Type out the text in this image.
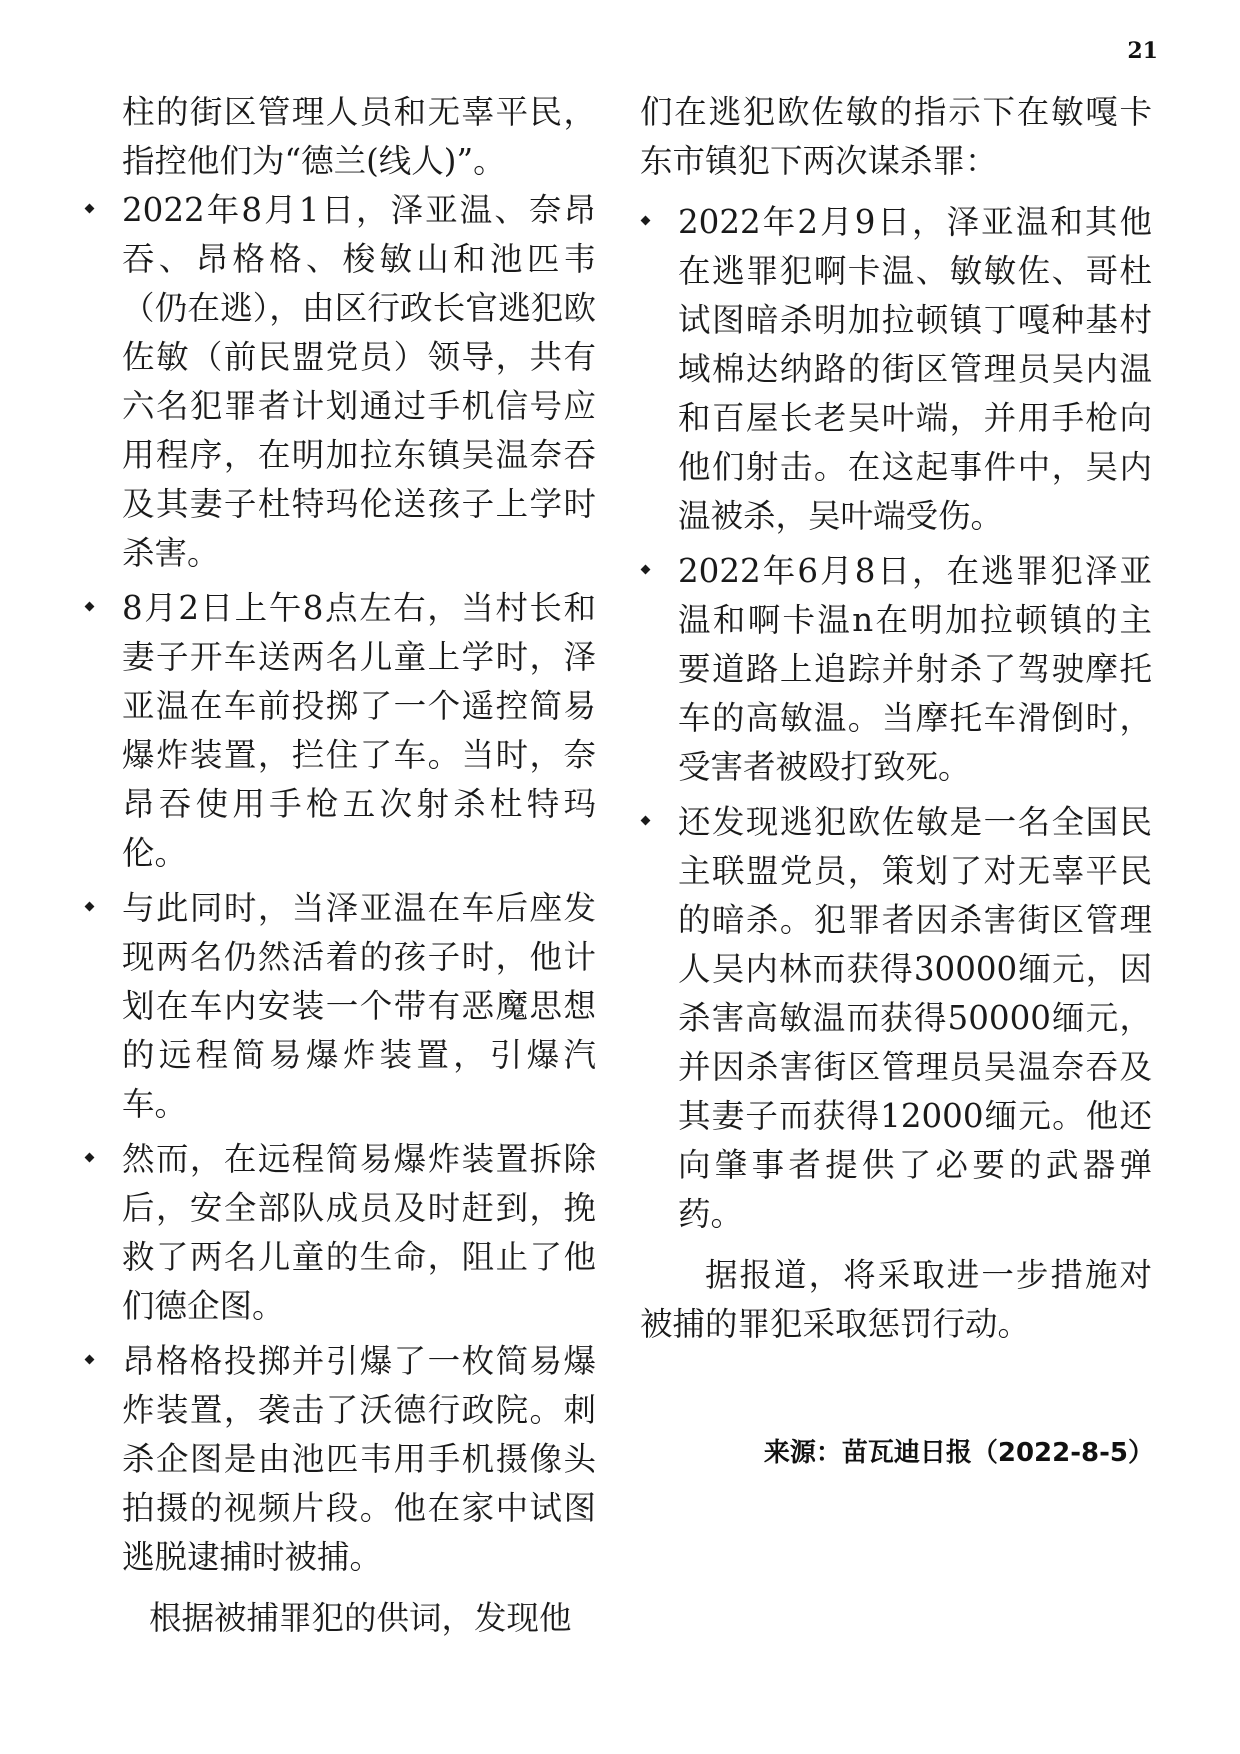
21

柱的街区管理人员和无辜平民，指控他们为“德兰(线人)”。

2022年8月1日，泽亚温、奈昂吞、昂格格、梭敏山和池匹韦（仍在逃），由区行政长官逃犯欧佐敏（前民盟党员）领导，共有六名犯罪者计划通过手机信号应用程序，在明加拉东镇吴温奈吞及其妻子杜特玛伦送孩子上学时杀害。
8月2日上午8点左右，当村长和妻子开车送两名儿童上学时，泽亚温在车前投掷了一个遥控简易爆炸装置，拦住了车。当时，奈昂吞使用手枪五次射杀杜特玛伦。
与此同时，当泽亚温在车后座发现两名仍然活着的孩子时，他计划在车内安装一个带有恶魔思想的远程简易爆炸装置，引爆汽车。
然而，在远程简易爆炸装置拆除后，安全部队成员及时赶到，挽救了两名儿童的生命，阻止了他们德企图。
昂格格投掷并引爆了一枚简易爆炸装置，袭击了沃德行政院。刺杀企图是由池匹韦用手机摄像头拍摄的视频片段。他在家中试图逃脱逮捕时被捕。

根据被捕罪犯的供词，发现他

们在逃犯欧佐敏的指示下在敏嘎卡东市镇犯下两次谋杀罪：

2022年2月9日，泽亚温和其他在逃罪犯啊卡温、敏敏佐、哥杜试图暗杀明加拉顿镇丁嘎种基村域棉达纳路的街区管理员吴内温和百屋长老吴叶端，并用手枪向他们射击。在这起事件中，吴内温被杀，吴叶端受伤。
2022年6月8日，在逃罪犯泽亚温和啊卡温n在明加拉顿镇的主要道路上追踪并射杀了驾驶摩托车的高敏温。当摩托车滑倒时，受害者被殴打致死。
还发现逃犯欧佐敏是一名全国民主联盟党员，策划了对无辜平民的暗杀。犯罪者因杀害街区管理人吴内林而获得30000缅元，因杀害高敏温而获得50000缅元，并因杀害街区管理员吴温奈吞及其妻子而获得12000缅元。他还向肇事者提供了必要的武器弹药。

据报道，将采取进一步措施对被捕的罪犯采取惩罚行动。

来源：苗瓦迪日报（2022-8-5）
